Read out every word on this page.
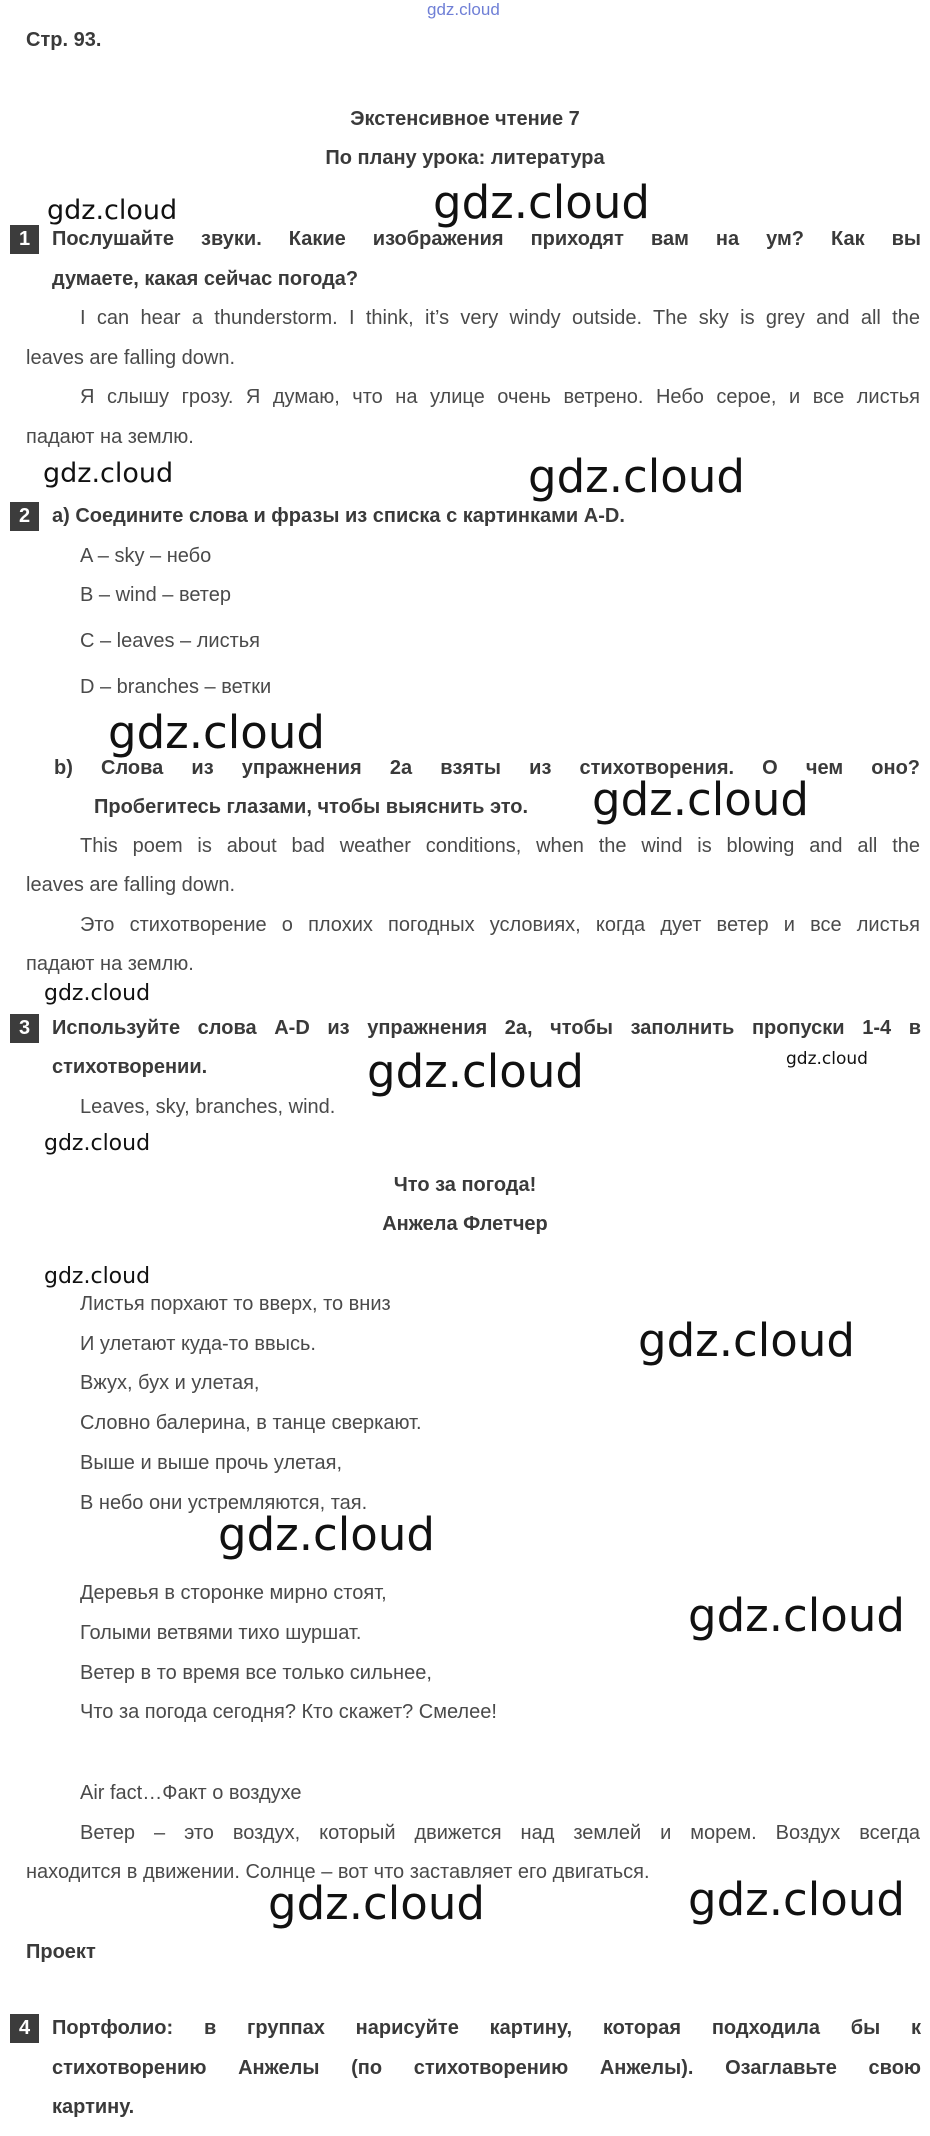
gdz.cloud
Стр. 93.
Экстенсивное чтение 7
По плану урока: литература
gdz.cloud	gdz.cloud
1	Послушайте звуки. Какие изображения приходят вам на ум? Как вы
думаете, какая сейчас погода?
I can hear a thunderstorm. I think, it’s very windy outside. The sky is grey and all the
leaves are falling down.
Я слышу грозу. Я думаю, что на улице очень ветрено. Небо серое, и все листья
падают на землю.
gdz.cloud	gdz.cloud
2	а) Соедините слова и фразы из списка с картинками A-D.
A – sky – небо
B – wind – ветер
C – leaves – листья
D – branches – ветки
gdz.cloud
b) Слова из упражнения 2а взяты из стихотворения. О чем оно?
Пробегитесь глазами, чтобы выяснить это. gdz.cloud
This poem is about bad weather conditions, when the wind is blowing and all the
leaves are falling down.
Это стихотворение о плохих погодных условиях, когда дует ветер и все листья
падают на землю.
gdz.cloud
3	Используйте слова A-D из упражнения 2а, чтобы заполнить пропуски 1-4 в
стихотворении.	gdz.cloud	gdz.cloud
Leaves, sky, branches, wind.
gdz.cloud
Что за погода!
Анжела Флетчер
gdz.cloud
Листья порхают то вверх, то вниз
И улетают куда-то ввысь.
Вжух, бух и улетая,
Словно балерина, в танце сверкают.
Выше и выше прочь улетая,
В небо они устремляются, тая.
gdz.cloud
gdz.cloud
Деревья в сторонке мирно стоят,
Голыми ветвями тихо шуршат.
Ветер в то время все только сильнее,
Что за погода сегодня? Кто скажет? Смелее!
gdz.cloud
Air fact…Факт о воздухе
Ветер – это воздух, который движется над землей и морем. Воздух всегда
находится в движении. Солнце – вот что заставляет его двигаться.
gdz.cloud	gdz.cloud
Проект
4	Портфолио: в группах нарисуйте картину, которая подходила бы к
стихотворению Анжелы (по стихотворению Анжелы). Озаглавьте свою
картину.
